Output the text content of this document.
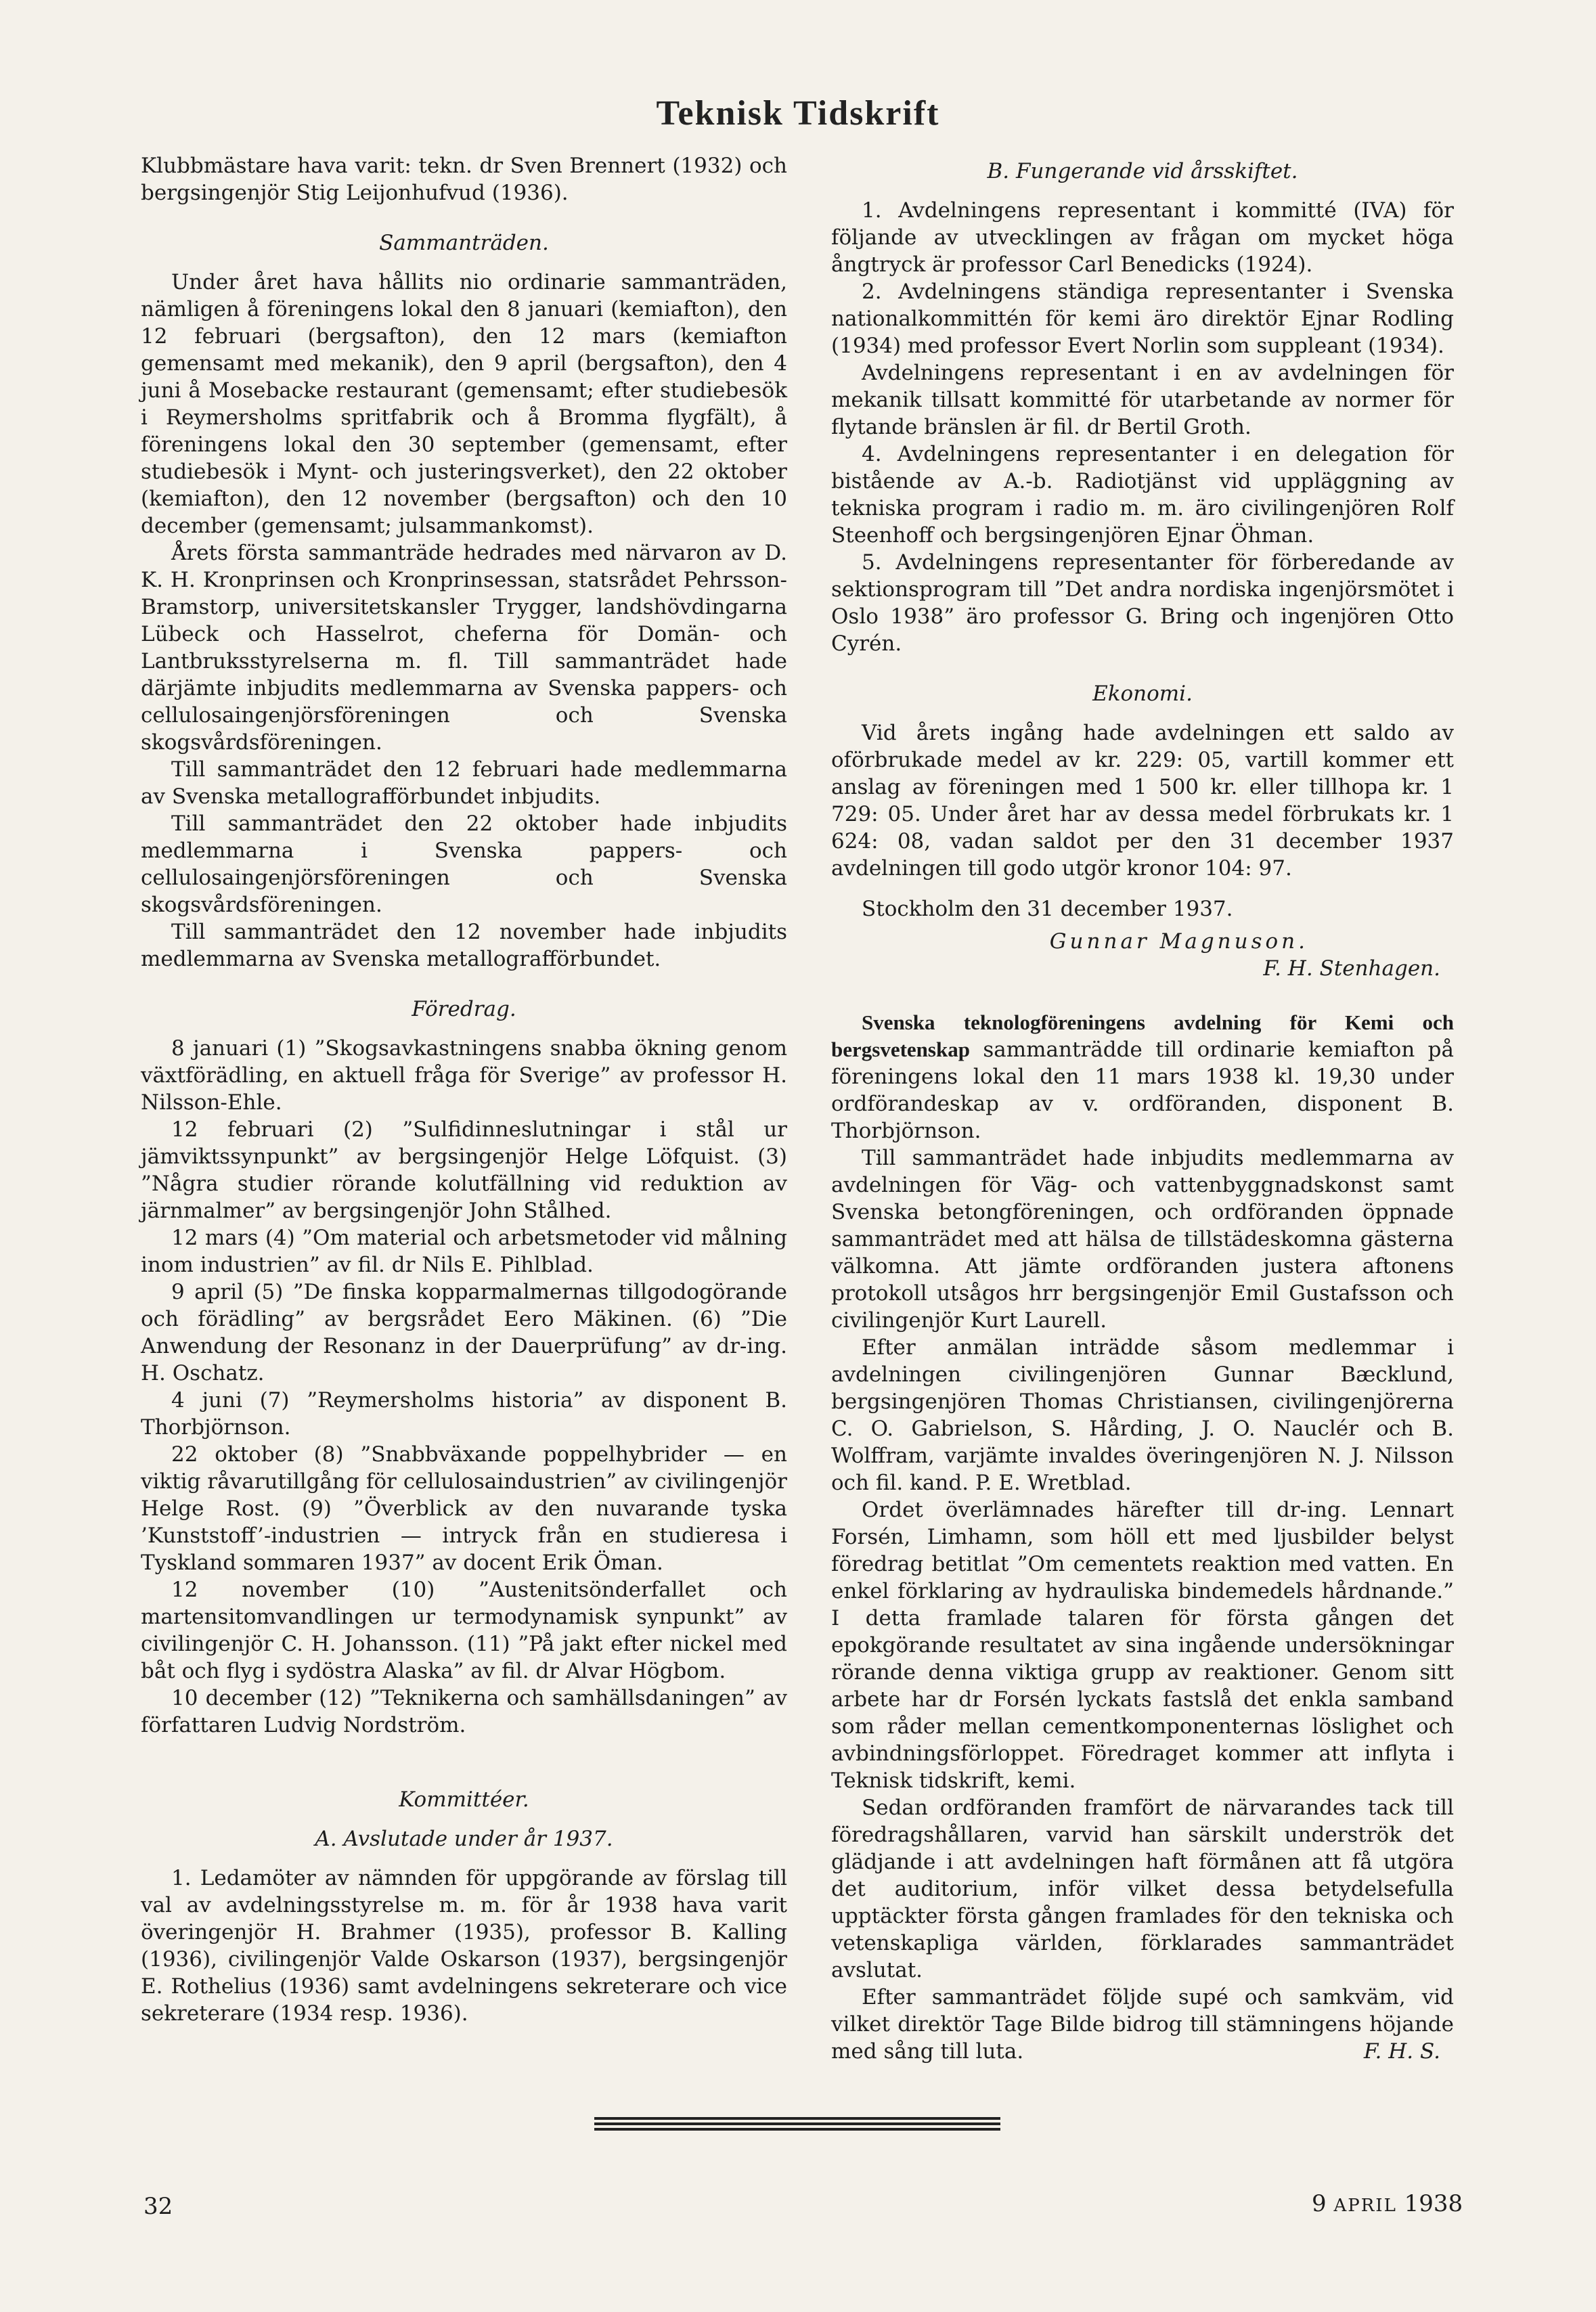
Teknisk Tidskrift

Klubbmästare hava varit: tekn. dr Sven Brennert (1932) och bergsingenjör Stig Leijonhufvud (1936).

Sammanträden.

Under året hava hållits nio ordinarie sammanträden, nämligen å föreningens lokal den 8 januari (kemiafton), den 12 februari (bergsafton), den 12 mars (kemiafton gemensamt med mekanik), den 9 april (bergsafton), den 4 juni å Mosebacke restaurant (gemensamt; efter studiebesök i Reymersholms spritfabrik och å Bromma flygfält), å föreningens lokal den 30 september (gemensamt, efter studiebesök i Mynt- och justeringsverket), den 22 oktober (kemiafton), den 12 november (bergsafton) och den 10 december (gemensamt; julsammankomst).

Årets första sammanträde hedrades med närvaron av D. K. H. Kronprinsen och Kronprinsessan, statsrådet Pehrsson-Bramstorp, universitetskansler Trygger, landshövdingarna Lübeck och Hasselrot, cheferna för Domän- och Lantbruksstyrelserna m. fl. Till sammanträdet hade därjämte inbjudits medlemmarna av Svenska pappers- och cellulosaingenjörsföreningen och Svenska skogsvårdsföreningen.

Till sammanträdet den 12 februari hade medlemmarna av Svenska metallografförbundet inbjudits.

Till sammanträdet den 22 oktober hade inbjudits medlemmarna i Svenska pappers- och cellulosaingenjörsföreningen och Svenska skogsvårdsföreningen.

Till sammanträdet den 12 november hade inbjudits medlemmarna av Svenska metallografförbundet.

Föredrag.

8 januari (1) ”Skogsavkastningens snabba ökning genom växtförädling, en aktuell fråga för Sverige” av professor H. Nilsson-Ehle.

12 februari (2) ”Sulfidinneslutningar i stål ur jämviktssynpunkt” av bergsingenjör Helge Löfquist. (3) ”Några studier rörande kolutfällning vid reduktion av järnmalmer” av bergsingenjör John Stålhed.

12 mars (4) ”Om material och arbetsmetoder vid målning inom industrien” av fil. dr Nils E. Pihlblad.

9 april (5) ”De finska kopparmalmernas tillgodogörande och förädling” av bergsrådet Eero Mäkinen. (6) ”Die Anwendung der Resonanz in der Dauerprüfung” av dr-ing. H. Oschatz.

4 juni (7) ”Reymersholms historia” av disponent B. Thorbjörnson.

22 oktober (8) ”Snabbväxande poppelhybrider — en viktig råvarutillgång för cellulosaindustrien” av civilingenjör Helge Rost. (9) ”Överblick av den nuvarande tyska ’Kunststoff’-industrien — intryck från en studieresa i Tyskland sommaren 1937” av docent Erik Öman.

12 november (10) ”Austenitsönderfallet och martensitomvandlingen ur termodynamisk synpunkt” av civilingenjör C. H. Johansson. (11) ”På jakt efter nickel med båt och flyg i sydöstra Alaska” av fil. dr Alvar Högbom.

10 december (12) ”Teknikerna och samhällsdaningen” av författaren Ludvig Nordström.

Kommittéer.
A. Avslutade under år 1937.

1. Ledamöter av nämnden för uppgörande av förslag till val av avdelningsstyrelse m. m. för år 1938 hava varit överingenjör H. Brahmer (1935), professor B. Kalling (1936), civilingenjör Valde Oskarson (1937), bergsingenjör E. Rothelius (1936) samt avdelningens sekreterare och vice sekreterare (1934 resp. 1936).

B. Fungerande vid årsskiftet.

1. Avdelningens representant i kommitté (IVA) för följande av utvecklingen av frågan om mycket höga ångtryck är professor Carl Benedicks (1924).

2. Avdelningens ständiga representanter i Svenska nationalkommittén för kemi äro direktör Ejnar Rodling (1934) med professor Evert Norlin som suppleant (1934).

Avdelningens representant i en av avdelningen för mekanik tillsatt kommitté för utarbetande av normer för flytande bränslen är fil. dr Bertil Groth.

4. Avdelningens representanter i en delegation för bistående av A.-b. Radiotjänst vid uppläggning av tekniska program i radio m. m. äro civilingenjören Rolf Steenhoff och bergsingenjören Ejnar Öhman.

5. Avdelningens representanter för förberedande av sektionsprogram till ”Det andra nordiska ingenjörsmötet i Oslo 1938” äro professor G. Bring och ingenjören Otto Cyrén.

Ekonomi.

Vid årets ingång hade avdelningen ett saldo av oförbrukade medel av kr. 229: 05, vartill kommer ett anslag av föreningen med 1 500 kr. eller tillhopa kr. 1 729: 05. Under året har av dessa medel förbrukats kr. 1 624: 08, vadan saldot per den 31 december 1937 avdelningen till godo utgör kronor 104: 97.

Stockholm den 31 december 1937.

Gunnar Magnuson.
F. H. Stenhagen.

Svenska teknologföreningens avdelning för Kemi och bergsvetenskap sammanträdde till ordinarie kemiafton på föreningens lokal den 11 mars 1938 kl. 19,30 under ordförandeskap av v. ordföranden, disponent B. Thorbjörnson.

Till sammanträdet hade inbjudits medlemmarna av avdelningen för Väg- och vattenbyggnadskonst samt Svenska betongföreningen, och ordföranden öppnade sammanträdet med att hälsa de tillstädeskomna gästerna välkomna. Att jämte ordföranden justera aftonens protokoll utsågos hrr bergsingenjör Emil Gustafsson och civilingenjör Kurt Laurell.

Efter anmälan inträdde såsom medlemmar i avdelningen civilingenjören Gunnar Bæcklund, bergsingenjören Thomas Christiansen, civilingenjörerna C. O. Gabrielson, S. Hårding, J. O. Nauclér och B. Wolffram, varjämte invaldes överingenjören N. J. Nilsson och fil. kand. P. E. Wretblad.

Ordet överlämnades härefter till dr-ing. Lennart Forsén, Limhamn, som höll ett med ljusbilder belyst föredrag betitlat ”Om cementets reaktion med vatten. En enkel förklaring av hydrauliska bindemedels hårdnande.” I detta framlade talaren för första gången det epokgörande resultatet av sina ingående undersökningar rörande denna viktiga grupp av reaktioner. Genom sitt arbete har dr Forsén lyckats fastslå det enkla samband som råder mellan cementkomponenternas löslighet och avbindningsförloppet. Föredraget kommer att inflyta i Teknisk tidskrift, kemi.

Sedan ordföranden framfört de närvarandes tack till föredragshållaren, varvid han särskilt underströk det glädjande i att avdelningen haft förmånen att få utgöra det auditorium, inför vilket dessa betydelsefulla upptäckter första gången framlades för den tekniska och vetenskapliga världen, förklarades sammanträdet avslutat.

Efter sammanträdet följde supé och samkväm, vid vilket direktör Tage Bilde bidrog till stämningens höjande med sång till luta.	F. H. S.

32	9 APRIL 1938
